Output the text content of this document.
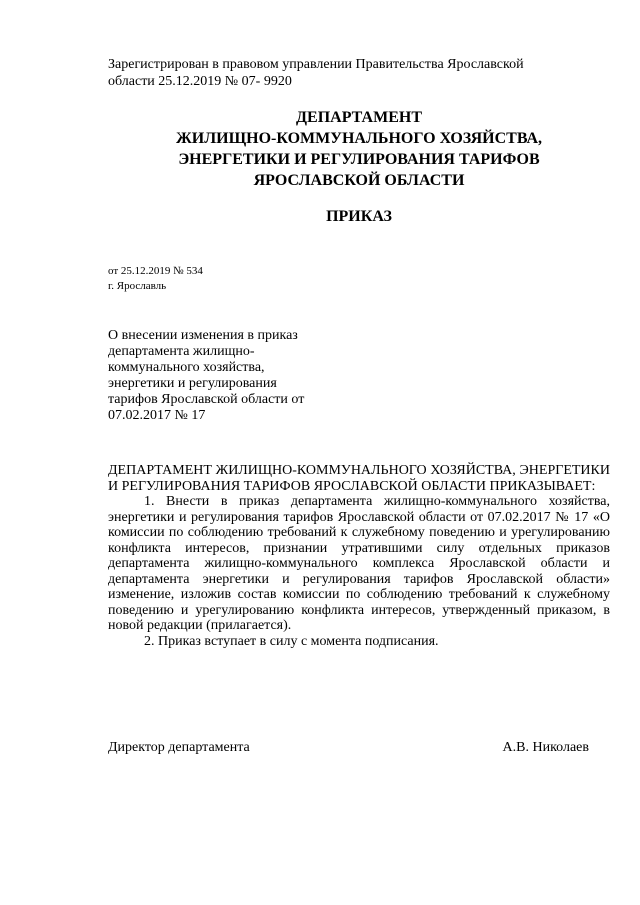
Зарегистрирован в правовом управлении Правительства Ярославской
области 25.12.2019 № 07- 9920
ДЕПАРТАМЕНТ
ЖИЛИЩНО-КОММУНАЛЬНОГО ХОЗЯЙСТВА,
ЭНЕРГЕТИКИ И РЕГУЛИРОВАНИЯ ТАРИФОВ
ЯРОСЛАВСКОЙ ОБЛАСТИ
ПРИКАЗ
от 25.12.2019 № 534
г. Ярославль
О внесении изменения в приказ
департамента жилищно-
коммунального хозяйства,
энергетики и регулирования
тарифов Ярославской области от
07.02.2017 № 17
ДЕПАРТАМЕНТ ЖИЛИЩНО-КОММУНАЛЬНОГО ХОЗЯЙСТВА, ЭНЕРГЕТИКИ И РЕГУЛИРОВАНИЯ ТАРИФОВ ЯРОСЛАВСКОЙ ОБЛАСТИ ПРИКАЗЫВАЕТ:
1. Внести в приказ департамента жилищно-коммунального хозяйства, энергетики и регулирования тарифов Ярославской области от 07.02.2017 № 17 «О комиссии по соблюдению требований к служебному поведению и урегулированию конфликта интересов, признании утратившими силу отдельных приказов департамента жилищно-коммунального комплекса Ярославской области и департамента энергетики и регулирования тарифов Ярославской области» изменение, изложив состав комиссии по соблюдению требований к служебному поведению и урегулированию конфликта интересов, утвержденный приказом, в новой редакции (прилагается).
2. Приказ вступает в силу с момента подписания.
Директор департамента	А.В. Николаев
